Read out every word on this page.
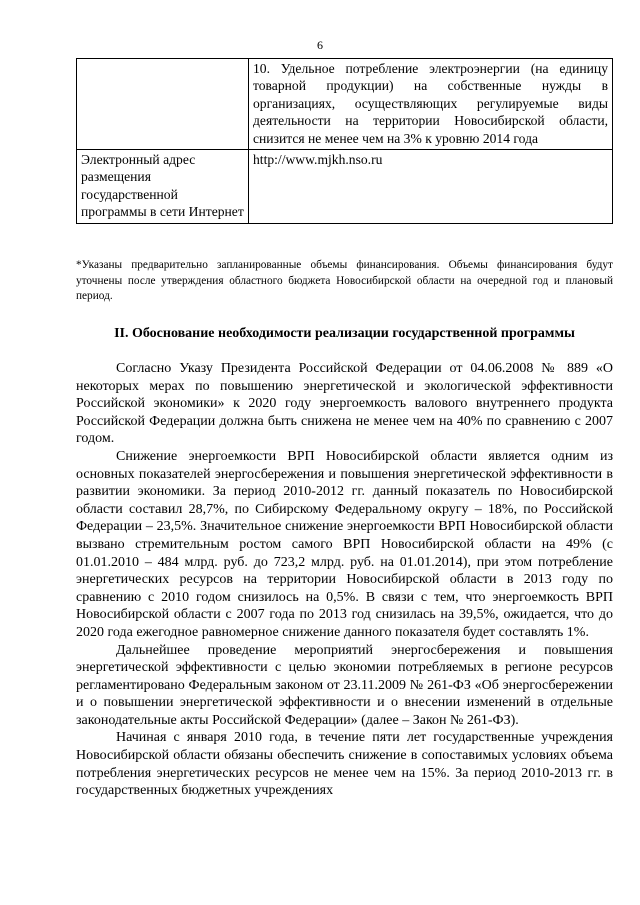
6
	10. Удельное потребление электроэнергии (на единицу товарной продукции) на собственные нужды в организациях, осуществляющих регулируемые виды деятельности на территории Новосибирской области, снизится не менее чем на 3% к уровню 2014 года
Электронный адрес размещения государственной программы в сети Интернет	http://www.mjkh.nso.ru
*Указаны предварительно запланированные объемы финансирования. Объемы финансирования будут уточнены после утверждения областного бюджета Новосибирской области на очередной год и плановый период.
II. Обоснование необходимости реализации государственной программы

Согласно Указу Президента Российской Федерации от 04.06.2008 № 889 «О некоторых мерах по повышению энергетической и экологической эффективности Российской экономики» к 2020 году энергоемкость валового внутреннего продукта Российской Федерации должна быть снижена не менее чем на 40% по сравнению с 2007 годом.

Снижение энергоемкости ВРП Новосибирской области является одним из основных показателей энергосбережения и повышения энергетической эффективности в развитии экономики. За период 2010-2012 гг. данный показатель по Новосибирской области составил 28,7%, по Сибирскому Федеральному округу – 18%, по Российской Федерации – 23,5%. Значительное снижение энергоемкости ВРП Новосибирской области вызвано стремительным ростом самого ВРП Новосибирской области на 49% (с 01.01.2010 – 484 млрд. руб. до 723,2 млрд. руб. на 01.01.2014), при этом потребление энергетических ресурсов на территории Новосибирской области в 2013 году по сравнению с 2010 годом снизилось на 0,5%. В связи с тем, что энергоемкость ВРП Новосибирской области с 2007 года по 2013 год снизилась на 39,5%, ожидается, что до 2020 года ежегодное равномерное снижение данного показателя будет составлять 1%.

Дальнейшее проведение мероприятий энергосбережения и повышения энергетической эффективности с целью экономии потребляемых в регионе ресурсов регламентировано Федеральным законом от 23.11.2009 № 261-ФЗ «Об энергосбережении и о повышении энергетической эффективности и о внесении изменений в отдельные законодательные акты Российской Федерации» (далее – Закон № 261-ФЗ).

Начиная с января 2010 года, в течение пяти лет государственные учреждения Новосибирской области обязаны обеспечить снижение в сопоставимых условиях объема потребления энергетических ресурсов не менее чем на 15%. За период 2010-2013 гг. в государственных бюджетных учреждениях
